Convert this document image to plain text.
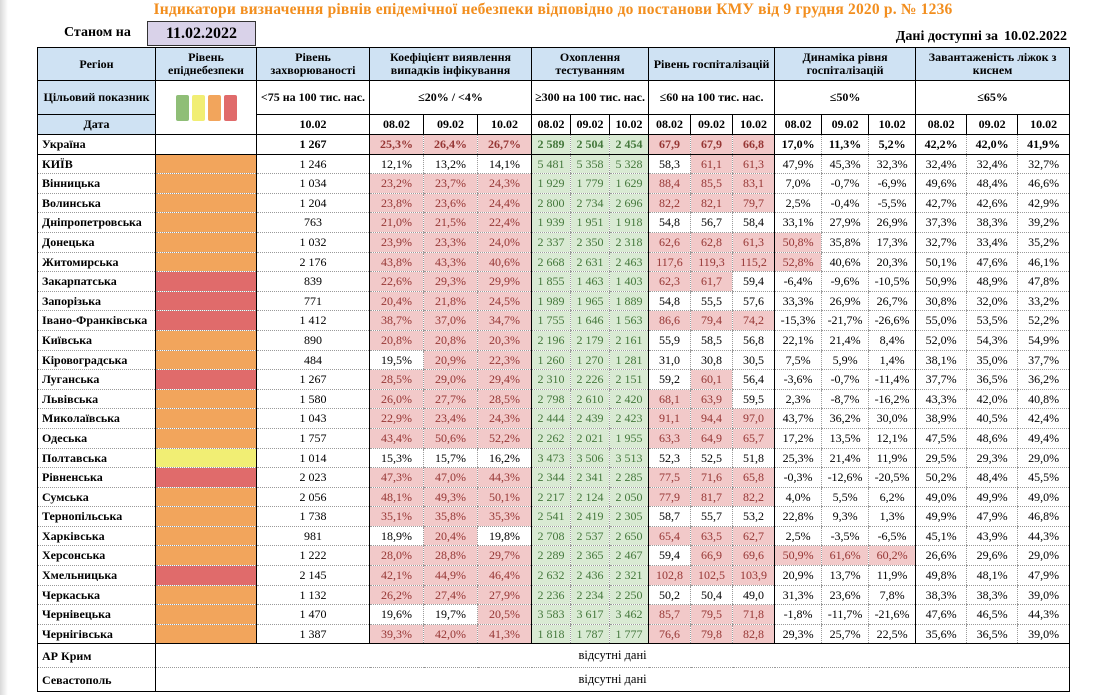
Індикатори визначення рівнів епідемічної небезпеки відповідно до постанови КМУ від 9 грудня 2020 р. № 1236
Станом на	11.02.2022	Дані доступні за 10.02.2022
Регіон	Рівень епіднебезпеки	Рівень захворюваності	Коефіцієнт виявлення випадків інфікування			Охоплення тестуванням			Рівень госпіталізацій			Динаміка рівня госпіталізацій			Завантаженість ліжок з киснем		
Цільовий показник		<75 на 100 тис. нас.	≤20% / <4%			≥300 на 100 тис. нас.			≤60 на 100 тис. нас.			≤50%			≤65%		
Дата		10.02	08.02	09.02	10.02	08.02	09.02	10.02	08.02	09.02	10.02	08.02	09.02	10.02	08.02	09.02	10.02
Україна		1 267	25,3%	26,4%	26,7%	2 589	2 504	2 454	67,9	67,9	66,8	17,0%	11,3%	5,2%	42,2%	42,0%	41,9%
КИЇВ		1 246	12,1%	13,2%	14,1%	5 481	5 358	5 328	58,3	61,1	61,3	47,9%	45,3%	32,3%	32,4%	32,4%	32,7%
Вінницька		1 034	23,2%	23,7%	24,3%	1 929	1 779	1 629	88,4	85,5	83,1	7,0%	-0,7%	-6,9%	49,6%	48,4%	46,6%
Волинська		1 204	23,8%	23,6%	24,4%	2 800	2 734	2 696	82,2	82,1	79,7	2,5%	-0,4%	-5,5%	42,7%	42,6%	42,9%
Дніпропетровська		763	21,0%	21,5%	22,4%	1 939	1 951	1 918	54,8	56,7	58,4	33,1%	27,9%	26,9%	37,3%	38,3%	39,2%
Донецька		1 032	23,9%	23,3%	24,0%	2 337	2 350	2 318	62,6	62,8	61,3	50,8%	35,8%	17,3%	32,7%	33,4%	35,2%
Житомирська		2 176	43,8%	43,3%	40,6%	2 668	2 631	2 463	117,6	119,3	115,2	52,8%	40,6%	20,3%	50,1%	47,6%	46,1%
Закарпатська		839	22,6%	29,3%	29,9%	1 855	1 463	1 403	62,3	61,7	59,4	-6,4%	-9,6%	-10,5%	50,9%	48,9%	47,8%
Запорізька		771	20,4%	21,8%	24,5%	1 989	1 965	1 889	54,8	55,5	57,6	33,3%	26,9%	26,7%	30,8%	32,0%	33,2%
Івано-Франківська		1 412	38,7%	37,0%	34,7%	1 755	1 646	1 563	86,6	79,4	74,2	-15,3%	-21,7%	-26,6%	55,0%	53,5%	52,2%
Київська		890	20,8%	20,8%	20,3%	2 196	2 179	2 161	55,9	58,5	56,8	22,1%	21,4%	8,4%	52,0%	54,3%	54,9%
Кіровоградська		484	19,5%	20,9%	22,3%	1 260	1 270	1 281	31,0	30,8	30,5	7,5%	5,9%	1,4%	38,1%	35,0%	37,7%
Луганська		1 267	28,5%	29,0%	29,4%	2 310	2 226	2 151	59,2	60,1	56,4	-3,6%	-0,7%	-11,4%	37,7%	36,5%	36,2%
Львівська		1 580	26,0%	27,7%	28,5%	2 798	2 610	2 420	68,1	63,9	59,5	2,3%	-8,7%	-16,2%	43,3%	42,0%	40,8%
Миколаївська		1 043	22,9%	23,4%	24,3%	2 444	2 439	2 423	91,1	94,4	97,0	43,7%	36,2%	30,0%	38,9%	40,5%	42,4%
Одеська		1 757	43,4%	50,6%	52,2%	2 262	2 021	1 955	63,3	64,9	65,7	17,2%	13,5%	12,1%	47,5%	48,6%	49,4%
Полтавська		1 014	15,3%	15,7%	16,2%	3 473	3 506	3 513	52,3	52,5	51,8	25,3%	21,4%	11,9%	29,5%	29,3%	29,0%
Рівненська		2 023	47,3%	47,0%	44,3%	2 344	2 341	2 285	77,5	71,6	65,8	-0,3%	-12,6%	-20,5%	50,2%	48,4%	45,5%
Сумська		2 056	48,1%	49,3%	50,1%	2 217	2 124	2 050	77,9	81,7	82,2	4,0%	5,5%	6,2%	49,0%	49,9%	49,0%
Тернопільська		1 738	35,1%	35,8%	35,3%	2 541	2 419	2 305	58,7	55,7	53,2	22,8%	9,3%	1,3%	49,9%	47,9%	46,8%
Харківська		981	18,9%	20,4%	19,8%	2 708	2 537	2 650	65,4	63,5	62,7	2,5%	-3,5%	-6,5%	45,1%	43,9%	44,3%
Херсонська		1 222	28,0%	28,8%	29,7%	2 289	2 365	2 467	59,4	66,9	69,6	50,9%	61,6%	60,2%	26,6%	29,6%	29,0%
Хмельницька		2 145	42,1%	44,9%	46,4%	2 632	2 436	2 321	102,8	102,5	103,9	20,9%	13,7%	11,9%	49,8%	48,1%	47,9%
Черкаська		1 132	26,2%	27,4%	27,9%	2 236	2 234	2 250	50,2	50,4	49,0	31,3%	23,6%	7,8%	38,3%	38,3%	39,0%
Чернівецька		1 470	19,6%	19,7%	20,5%	3 583	3 617	3 462	85,7	79,5	71,8	-1,8%	-11,7%	-21,6%	47,6%	46,5%	44,3%
Чернігівська		1 387	39,3%	42,0%	41,3%	1 818	1 787	1 777	76,6	79,8	82,8	29,3%	25,7%	22,5%	35,6%	36,5%	39,0%
АР Крим	відсутні дані																
Севастополь	відсутні дані																
